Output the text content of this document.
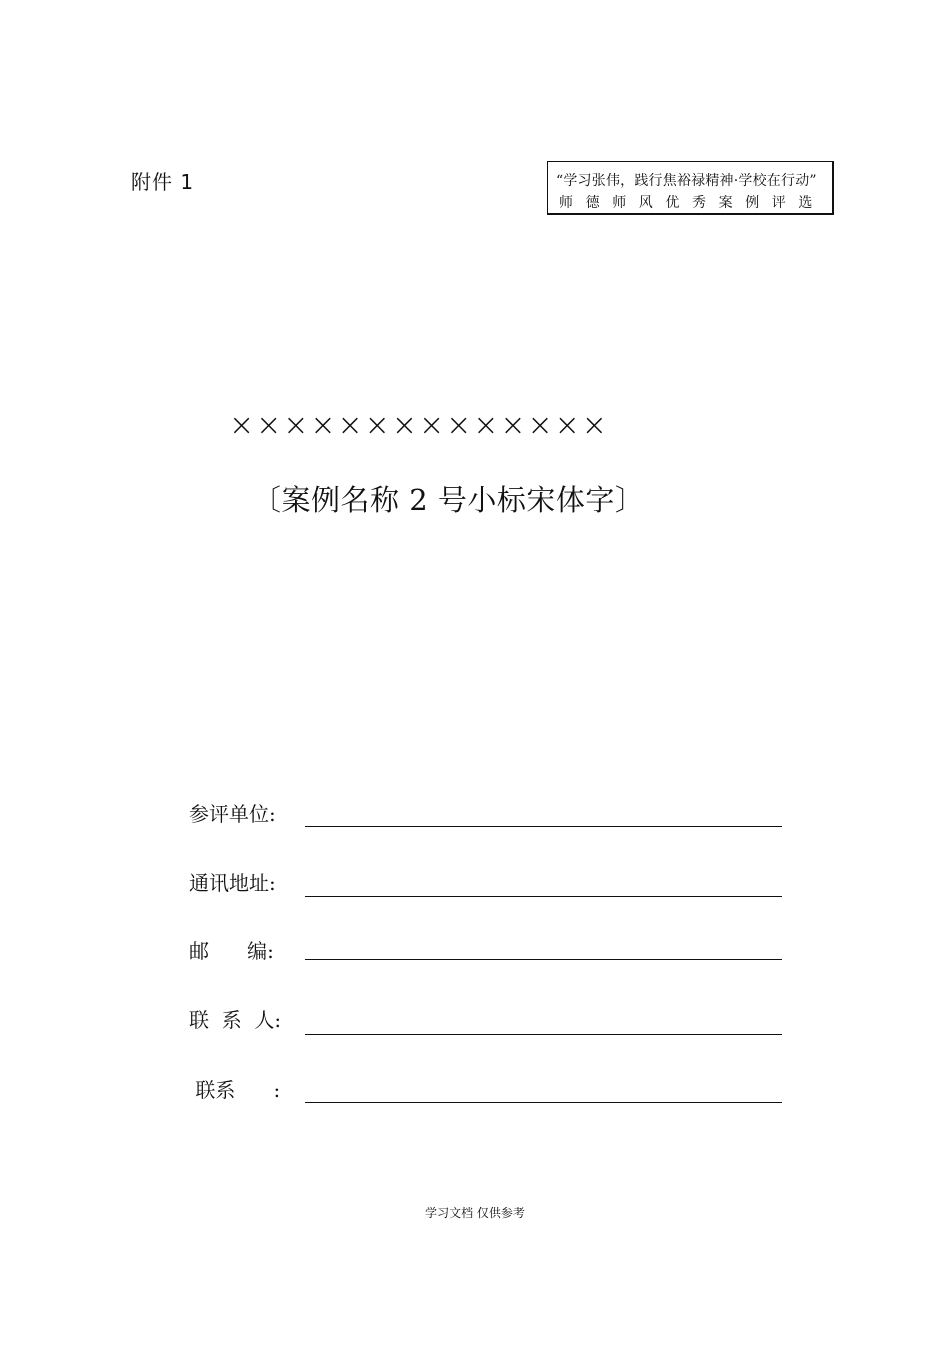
附件 1	“学习张伟，践行焦裕禄精神·学校在行动”
师德师风优秀案例评选
××××××××××××××
〔案例名称 2 号小标宋体字〕
参评单位:
通讯地址:
邮      编:
联  系  人:
联系      :
学习文档 仅供参考
